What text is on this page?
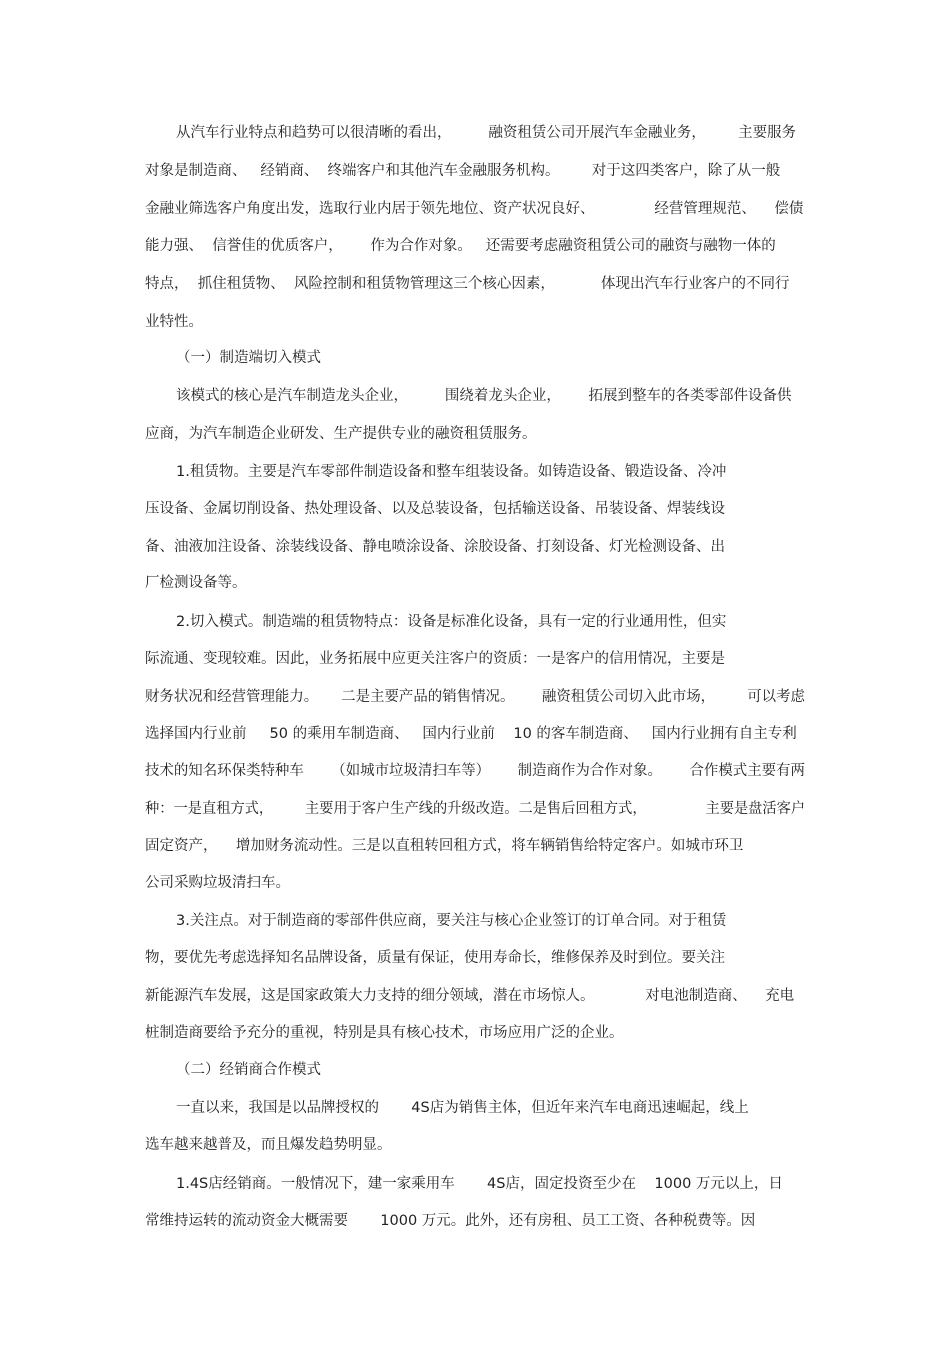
从汽车行业特点和趋势可以很清晰的看出，        融资租赁公司开展汽车金融业务，       主要服务
对象是制造商、   经销商、  终端客户和其他汽车金融服务机构。       对于这四类客户，除了从一般
金融业筛选客户角度出发，选取行业内居于领先地位、资产状况良好、             经营管理规范、    偿债
能力强、  信誉佳的优质客户，      作为合作对象。   还需要考虑融资租赁公司的融资与融物一体的
特点，  抓住租赁物、  风险控制和租赁物管理这三个核心因素，          体现出汽车行业客户的不同行
业特性。
（一）制造端切入模式
该模式的核心是汽车制造龙头企业，        围绕着龙头企业，      拓展到整车的各类零部件设备供
应商，为汽车制造企业研发、生产提供专业的融资租赁服务。
1.租赁物。主要是汽车零部件制造设备和整车组装设备。如铸造设备、锻造设备、冷冲
压设备、金属切削设备、热处理设备、以及总装设备，包括输送设备、吊装设备、焊装线设
备、油液加注设备、涂装线设备、静电喷涂设备、涂胶设备、打刻设备、灯光检测设备、出
厂检测设备等。
2.切入模式。制造端的租赁物特点：设备是标准化设备，具有一定的行业通用性，但实
际流通、变现较难。因此，业务拓展中应更关注客户的资质：一是客户的信用情况，主要是
财务状况和经营管理能力。     二是主要产品的销售情况。      融资租赁公司切入此市场，       可以考虑
选择国内行业前     50 的乘用车制造商、   国内行业前    10 的客车制造商、   国内行业拥有自主专利
技术的知名环保类特种车      （如城市垃圾清扫车等）      制造商作为合作对象。      合作模式主要有两
种：一是直租方式，       主要用于客户生产线的升级改造。二是售后回租方式，             主要是盘活客户
固定资产，    增加财务流动性。三是以直租转回租方式，将车辆销售给特定客户。如城市环卫
公司采购垃圾清扫车。
3.关注点。对于制造商的零部件供应商，要关注与核心企业签订的订单合同。对于租赁
物，要优先考虑选择知名品牌设备，质量有保证，使用寿命长，维修保养及时到位。要关注
新能源汽车发展，这是国家政策大力支持的细分领域，潜在市场惊人。           对电池制造商、    充电
桩制造商要给予充分的重视，特别是具有核心技术，市场应用广泛的企业。
（二）经销商合作模式
一直以来，我国是以品牌授权的       4S店为销售主体，但近年来汽车电商迅速崛起，线上
选车越来越普及，而且爆发趋势明显。
1.4S店经销商。一般情况下，建一家乘用车       4S店，固定投资至少在    1000 万元以上，日
常维持运转的流动资金大概需要       1000 万元。此外，还有房租、员工工资、各种税费等。因
